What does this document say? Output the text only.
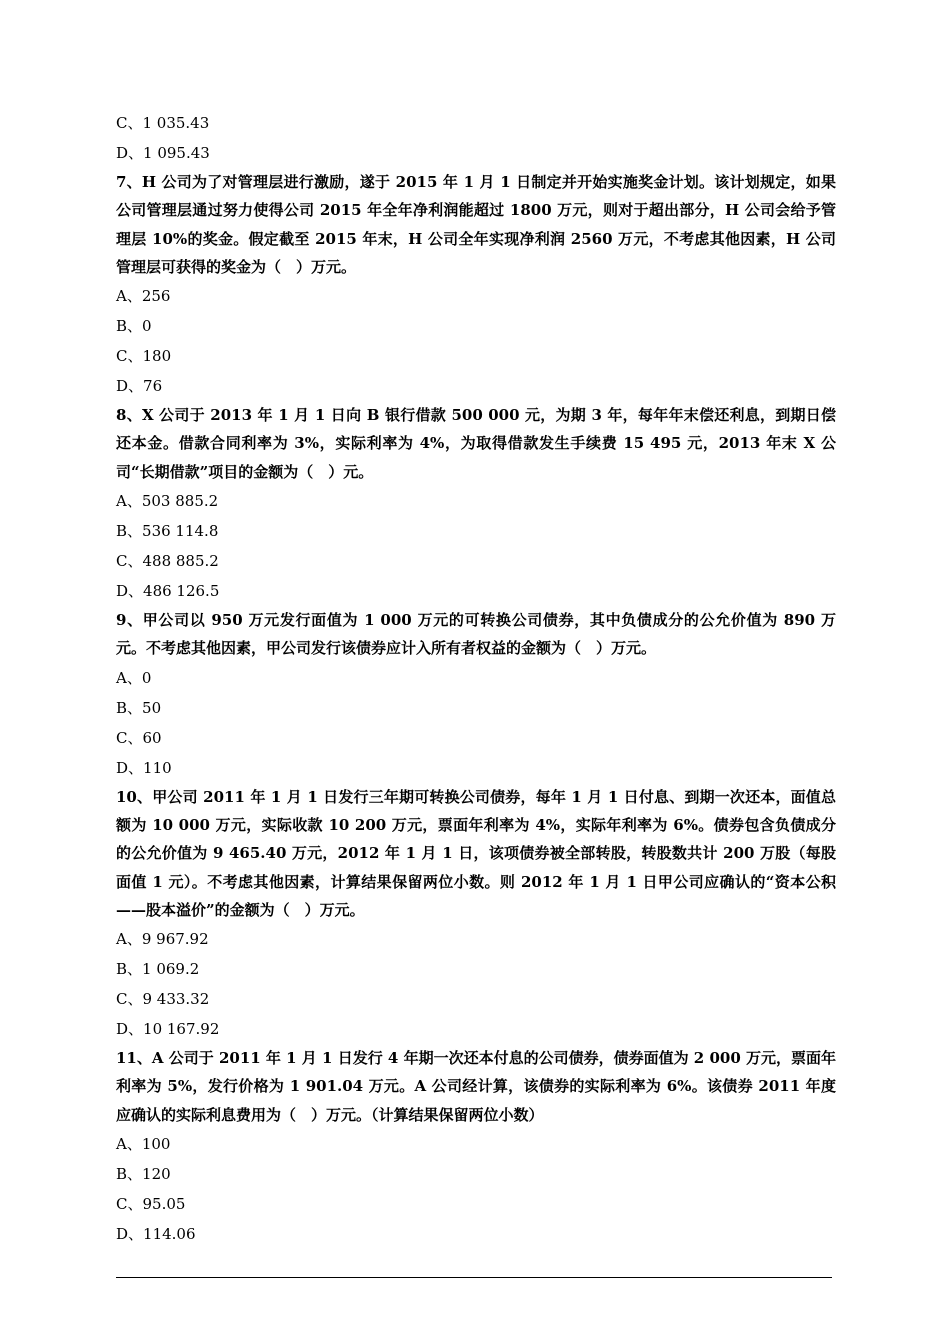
C、1 035.43
D、1 095.43
7、H 公司为了对管理层进行激励，遂于 2015 年 1 月 1 日制定并开始实施奖金计划。该计划规定，如果公司管理层通过努力使得公司 2015 年全年净利润能超过 1800 万元，则对于超出部分，H 公司会给予管理层 10%的奖金。假定截至 2015 年末，H 公司全年实现净利润 2560 万元，不考虑其他因素，H 公司管理层可获得的奖金为（　）万元。
A、256
B、0
C、180
D、76
8、X 公司于 2013 年 1 月 1 日向 B 银行借款 500 000 元，为期 3 年，每年年末偿还利息，到期日偿还本金。借款合同利率为 3%，实际利率为 4%，为取得借款发生手续费 15 495 元，2013 年末 X 公司“长期借款”项目的金额为（　）元。
A、503 885.2
B、536 114.8
C、488 885.2
D、486 126.5
9、甲公司以 950 万元发行面值为 1 000 万元的可转换公司债券，其中负债成分的公允价值为 890 万元。不考虑其他因素，甲公司发行该债券应计入所有者权益的金额为（　）万元。
A、0
B、50
C、60
D、110
10、甲公司 2011 年 1 月 1 日发行三年期可转换公司债券，每年 1 月 1 日付息、到期一次还本，面值总额为 10 000 万元，实际收款 10 200 万元，票面年利率为 4%，实际年利率为 6%。债券包含负债成分的公允价值为 9 465.40 万元，2012 年 1 月 1 日，该项债券被全部转股，转股数共计 200 万股（每股面值 1 元）。不考虑其他因素，计算结果保留两位小数。则 2012 年 1 月 1 日甲公司应确认的“资本公积——股本溢价”的金额为（　）万元。
A、9 967.92
B、1 069.2
C、9 433.32
D、10 167.92
11、A 公司于 2011 年 1 月 1 日发行 4 年期一次还本付息的公司债券，债券面值为 2 000 万元，票面年利率为 5%，发行价格为 1 901.04 万元。A 公司经计算，该债券的实际利率为 6%。该债券 2011 年度应确认的实际利息费用为（　）万元。（计算结果保留两位小数）
A、100
B、120
C、95.05
D、114.06
